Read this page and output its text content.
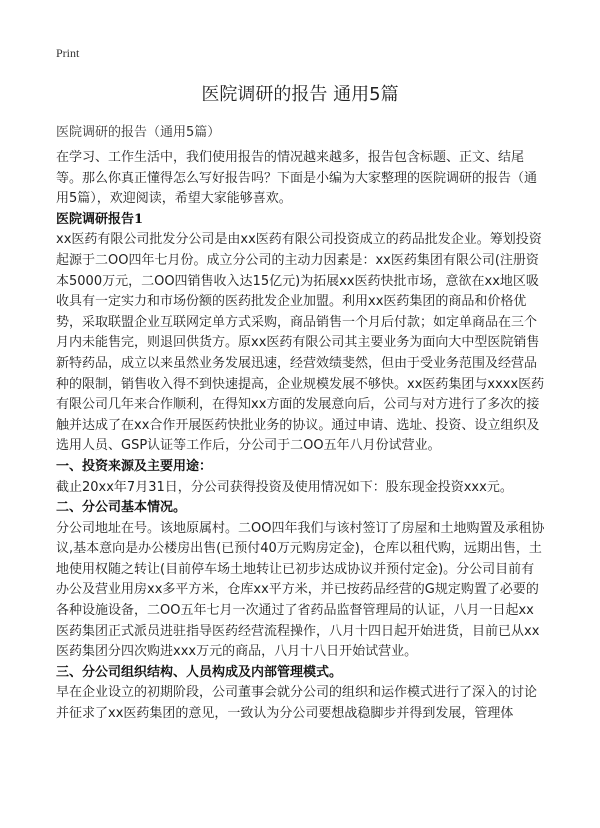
Print
医院调研的报告 通用5篇
医院调研的报告（通用5篇）

在学习、工作生活中，我们使用报告的情况越来越多，报告包含标题、正文、结尾等。那么你真正懂得怎么写好报告吗？下面是小编为大家整理的医院调研的报告（通用5篇），欢迎阅读，希望大家能够喜欢。

医院调研报告1

xx医药有限公司批发分公司是由xx医药有限公司投资成立的药品批发企业。筹划投资起源于二OO四年七月份。成立分公司的主动力因素是：xx医药集团有限公司(注册资本5000万元，二OO四销售收入达15亿元)为拓展xx医药快批市场，意欲在xx地区吸收具有一定实力和市场份额的医药批发企业加盟。利用xx医药集团的商品和价格优势，采取联盟企业互联网定单方式采购，商品销售一个月后付款；如定单商品在三个月内未能售完，则退回供货方。原xx医药有限公司其主要业务为面向大中型医院销售新特药品，成立以来虽然业务发展迅速，经营效绩斐然，但由于受业务范围及经营品种的限制，销售收入得不到快速提高，企业规模发展不够快。xx医药集团与xxxx医药有限公司几年来合作顺利，在得知xx方面的发展意向后，公司与对方进行了多次的接触并达成了在xx合作开展医药快批业务的协议。通过申请、选址、投资、设立组织及选用人员、GSP认证等工作后，分公司于二OO五年八月份试营业。

一、投资来源及主要用途：

截止20xx年7月31日，分公司获得投资及使用情况如下：股东现金投资xxx元。

二、分公司基本情况。

分公司地址在号。该地原属村。二OO四年我们与该村签订了房屋和土地购置及承租协议,基本意向是办公楼房出售(已预付40万元购房定金)，仓库以租代购，远期出售，土地使用权随之转让(目前停车场土地转让已初步达成协议并预付定金)。分公司目前有办公及营业用房xx多平方米，仓库xx平方米，并已按药品经营的G规定购置了必要的各种设施设备，二OO五年七月一次通过了省药品监督管理局的认证，八月一日起xx医药集团正式派员进驻指导医药经营流程操作，八月十四日起开始进货，目前已从xx医药集团分四次购进xxx万元的商品，八月十八日开始试营业。

三、分公司组织结构、人员构成及内部管理模式。

早在企业设立的初期阶段，公司董事会就分公司的组织和运作模式进行了深入的讨论并征求了xx医药集团的意见，一致认为分公司要想战稳脚步并得到发展，管理体
